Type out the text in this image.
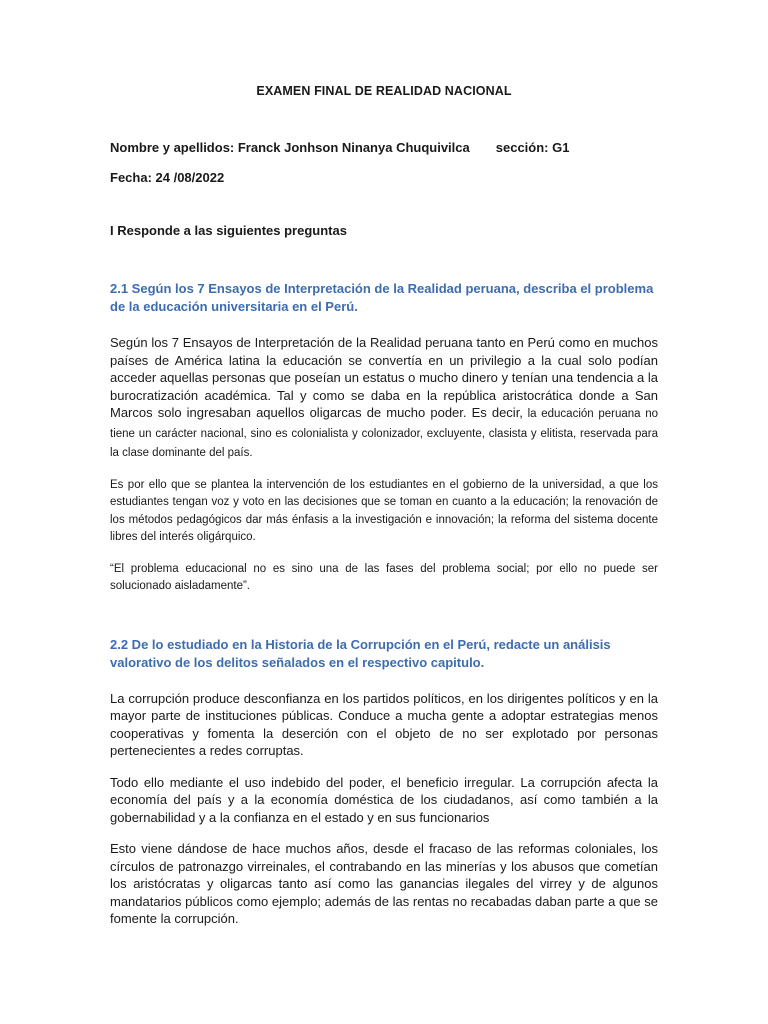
EXAMEN FINAL DE REALIDAD NACIONAL
Nombre y apellidos: Franck Jonhson Ninanya Chuquivilca sección: G1
Fecha: 24 /08/2022
I Responde a las siguientes preguntas
2.1 Según los 7 Ensayos de Interpretación de la Realidad peruana, describa el problema de la educación universitaria en el Perú.

Según los 7 Ensayos de Interpretación de la Realidad peruana tanto en Perú como en muchos países de América latina la educación se convertía en un privilegio a la cual solo podían acceder aquellas personas que poseían un estatus o mucho dinero y tenían una tendencia a la burocratización académica. Tal y como se daba en la república aristocrática donde a San Marcos solo ingresaban aquellos oligarcas de mucho poder. Es decir, la educación peruana no tiene un carácter nacional, sino es colonialista y colonizador, excluyente, clasista y elitista, reservada para la clase dominante del país.

Es por ello que se plantea la intervención de los estudiantes en el gobierno de la universidad, a que los estudiantes tengan voz y voto en las decisiones que se toman en cuanto a la educación; la renovación de los métodos pedagógicos dar más énfasis a la investigación e innovación; la reforma del sistema docente libres del interés oligárquico.

“El problema educacional no es sino una de las fases del problema social; por ello no puede ser solucionado aisladamente”.

2.2 De lo estudiado en la Historia de la Corrupción en el Perú, redacte un análisis valorativo de los delitos señalados en el respectivo capitulo.

La corrupción produce desconfianza en los partidos políticos, en los dirigentes políticos y en la mayor parte de instituciones públicas. Conduce a mucha gente a adoptar estrategias menos cooperativas y fomenta la deserción con el objeto de no ser explotado por personas pertenecientes a redes corruptas.

Todo ello mediante el uso indebido del poder, el beneficio irregular. La corrupción afecta la economía del país y a la economía doméstica de los ciudadanos, así como también a la gobernabilidad y a la confianza en el estado y en sus funcionarios

Esto viene dándose de hace muchos años, desde el fracaso de las reformas coloniales, los círculos de patronazgo virreinales, el contrabando en las minerías y los abusos que cometían los aristócratas y oligarcas tanto así como las ganancias ilegales del virrey y de algunos mandatarios públicos como ejemplo; además de las rentas no recabadas daban parte a que se fomente la corrupción.
